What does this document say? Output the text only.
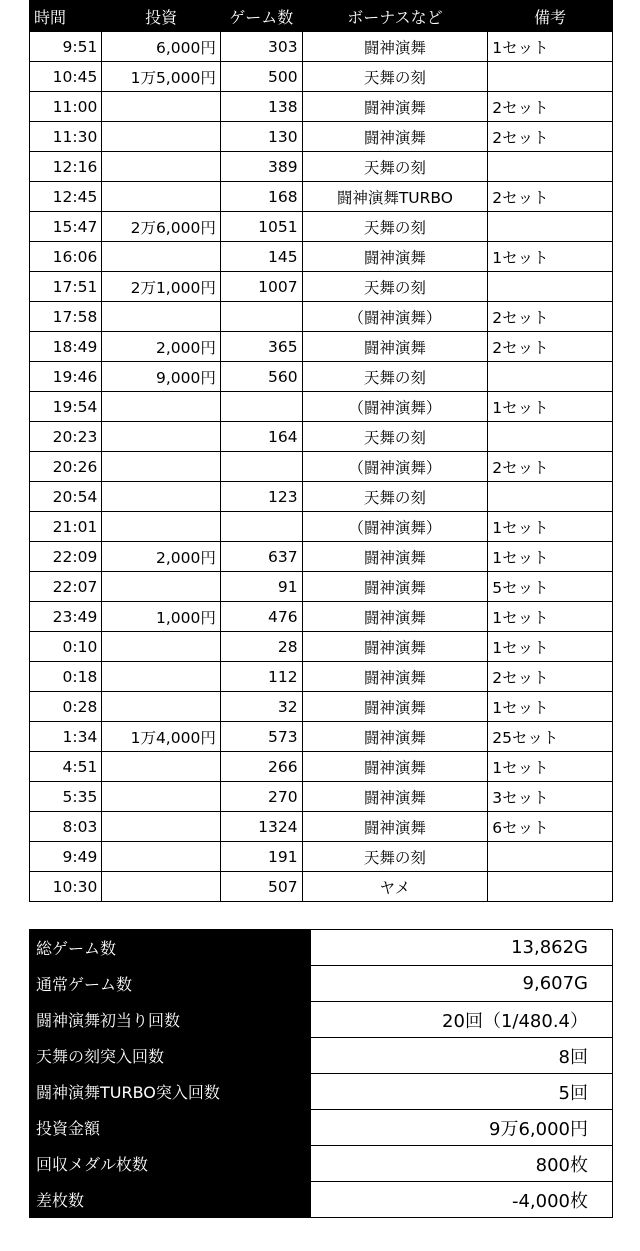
時間	投資	ゲーム数	ボーナスなど	備考
9:51	6,000円	303	闘神演舞	1セット
10:45	1万5,000円	500	天舞の刻	
11:00		138	闘神演舞	2セット
11:30		130	闘神演舞	2セット
12:16		389	天舞の刻	
12:45		168	闘神演舞TURBO	2セット
15:47	2万6,000円	1051	天舞の刻	
16:06		145	闘神演舞	1セット
17:51	2万1,000円	1007	天舞の刻	
17:58			（闘神演舞）	2セット
18:49	2,000円	365	闘神演舞	2セット
19:46	9,000円	560	天舞の刻	
19:54			（闘神演舞）	1セット
20:23		164	天舞の刻	
20:26			（闘神演舞）	2セット
20:54		123	天舞の刻	
21:01			（闘神演舞）	1セット
22:09	2,000円	637	闘神演舞	1セット
22:07		91	闘神演舞	5セット
23:49	1,000円	476	闘神演舞	1セット
0:10		28	闘神演舞	1セット
0:18		112	闘神演舞	2セット
0:28		32	闘神演舞	1セット
1:34	1万4,000円	573	闘神演舞	25セット
4:51		266	闘神演舞	1セット
5:35		270	闘神演舞	3セット
8:03		1324	闘神演舞	6セット
9:49		191	天舞の刻	
10:30		507	ヤメ	
総ゲーム数	13,862G
通常ゲーム数	9,607G
闘神演舞初当り回数	20回（1/480.4）
天舞の刻突入回数	8回
闘神演舞TURBO突入回数	5回
投資金額	9万6,000円
回収メダル枚数	800枚
差枚数	-4,000枚
